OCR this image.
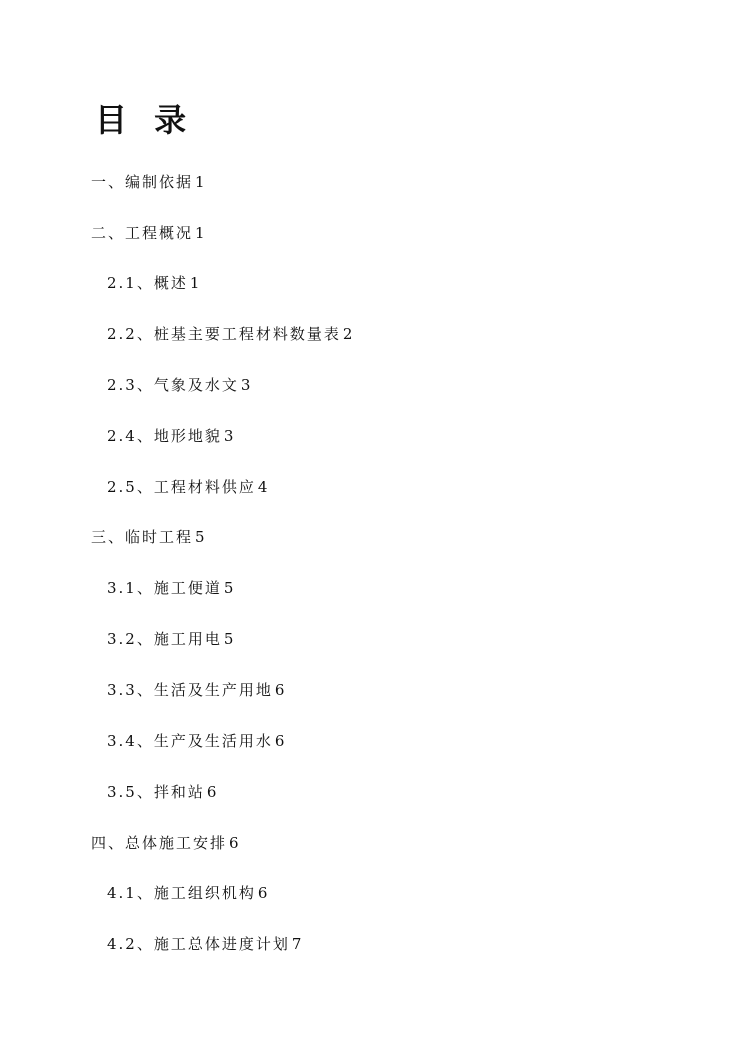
目 录
一、编制依据 1
二、工程概况 1
2.1、概述 1
2.2、桩基主要工程材料数量表 2
2.3、气象及水文 3
2.4、地形地貌 3
2.5、工程材料供应 4
三、临时工程 5
3.1、施工便道 5
3.2、施工用电 5
3.3、生活及生产用地 6
3.4、生产及生活用水 6
3.5、拌和站 6
四、总体施工安排 6
4.1、施工组织机构 6
4.2、施工总体进度计划 7
